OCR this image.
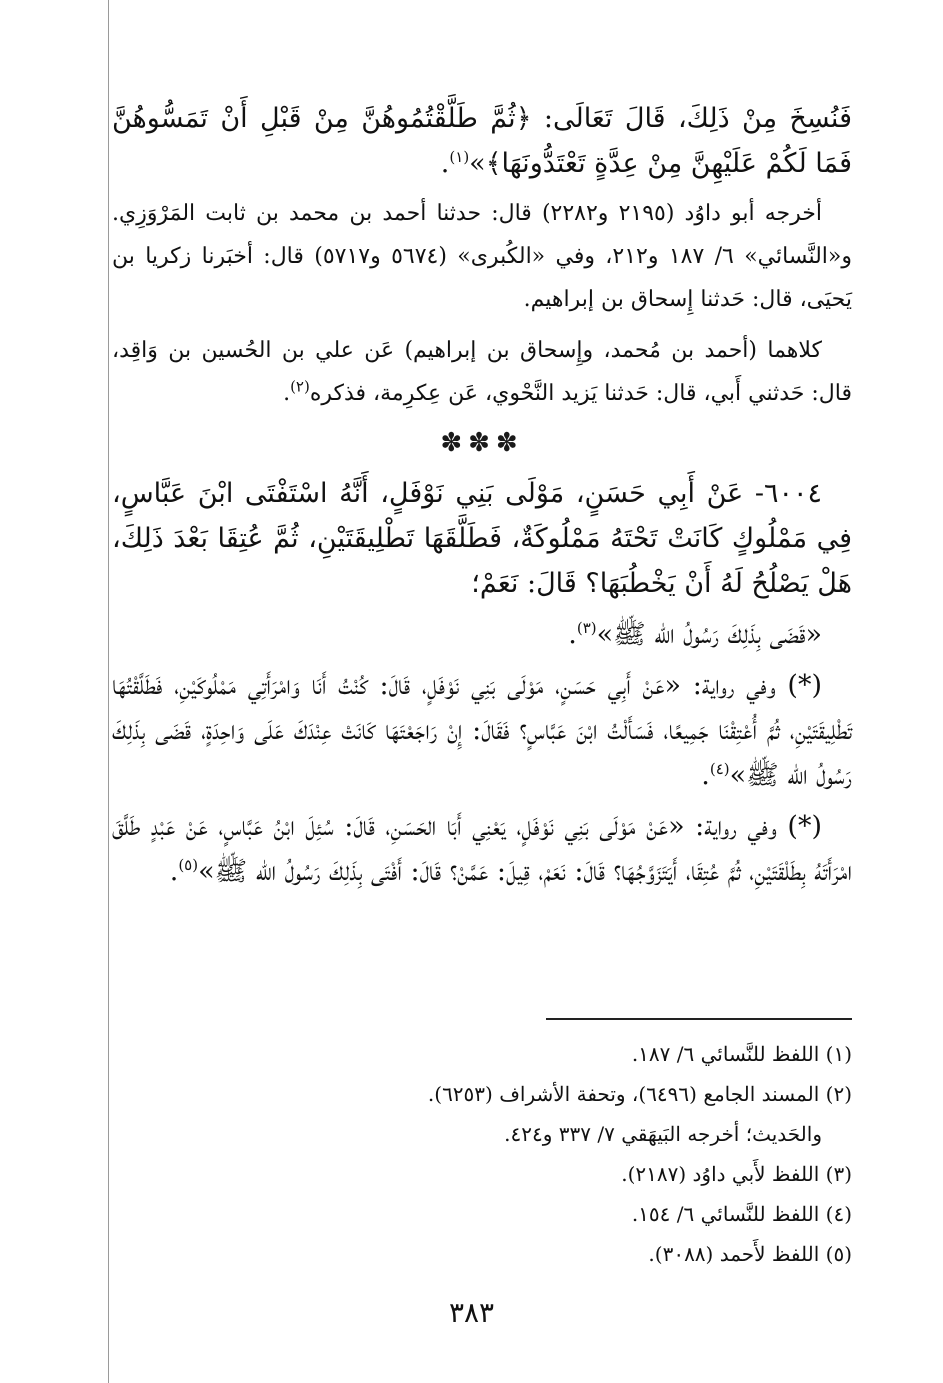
فَنُسِخَ مِنْ ذَلِكَ، قَالَ تَعَالَى: ﴿ثُمَّ طَلَّقْتُمُوهُنَّ مِنْ قَبْلِ أَنْ تَمَسُّوهُنَّ فَمَا لَكُمْ عَلَيْهِنَّ مِنْ عِدَّةٍ تَعْتَدُّونَهَا﴾»$^{(١)}$.

أخرجه أبو داوُد (٢١٩٥ و٢٢٨٢) قال: حدثنا أحمد بن محمد بن ثابت المَرْوَزِي. و«النَّسائي» ٦/ ١٨٧ و٢١٢، وفي «الكُبرى» (٥٦٧٤ و٥٧١٧) قال: أخبَرنا زكريا بن يَحيَى، قال: حَدثنا إِسحاق بن إبراهيم.

كلاهما (أحمد بن مُحمد، وإِسحاق بن إبراهيم) عَن علي بن الحُسين بن وَاقِد، قال: حَدثني أَبي، قال: حَدثنا يَزيد النَّحْوي، عَن عِكرِمة، فذكره$^{(٢)}$.

✽✽✽

٦٠٠٤- عَنْ أَبِي حَسَنٍ، مَوْلَى بَنِي نَوْفَلٍ، أَنَّهُ اسْتَفْتَى ابْنَ عَبَّاسٍ، فِي مَمْلُوكٍ كَانَتْ تَحْتَهُ مَمْلُوكَةٌ، فَطَلَّقَهَا تَطْلِيقَتَيْنِ، ثُمَّ عُتِقَا بَعْدَ ذَلِكَ، هَلْ يَصْلُحُ لَهُ أَنْ يَخْطُبَهَا؟ قَالَ: نَعَمْ؛

«قَضَى بِذَلِكَ رَسُولُ الله ﷺ»$^{(٣)}$.

(*) وفي رواية: «عَنْ أَبِي حَسَنٍ، مَوْلَى بَنِي نَوْفَلٍ، قَالَ: كُنْتُ أَنَا وَامْرَأَتِي مَمْلُوكَيْنِ، فَطَلَّقْتُهَا تَطْلِيقَتَيْنِ، ثُمَّ أُعْتِقْنَا جَمِيعًا، فَسَأَلْتُ ابْنَ عَبَّاسٍ؟ فَقَالَ: إِنْ رَاجَعْتَهَا كَانَتْ عِنْدَكَ عَلَى وَاحِدَةٍ، قَضَى بِذَلِكَ رَسُولُ الله ﷺ»$^{(٤)}$.

(*) وفي رواية: «عَنْ مَوْلَى بَنِي نَوْفَلٍ، يَعْنِي أَبَا الحَسَنِ، قَالَ: سُئِلَ ابْنُ عَبَّاسٍ، عَنْ عَبْدٍ طَلَّقَ امْرَأَتَهُ بِطَلْقَتَيْنِ، ثُمَّ عُتِقَا، أَيَتَزَوَّجُهَا؟ قَالَ: نَعَمْ، قِيلَ: عَمَّنْ؟ قَالَ: أَفْتَى بِذَلِكَ رَسُولُ الله ﷺ»$^{(٥)}$.

(١) اللفظ للنَّسائي ٦/ ١٨٧.

(٢) المسند الجامع (٦٤٩٦)، وتحفة الأشراف (٦٢٥٣).

والحَديث؛ أخرجه البَيهَقي ٧/ ٣٣٧ و٤٢٤.

(٣) اللفظ لأَبي داوُد (٢١٨٧).

(٤) اللفظ للنَّسائي ٦/ ١٥٤.

(٥) اللفظ لأَحمد (٣٠٨٨).

٣٨٣
